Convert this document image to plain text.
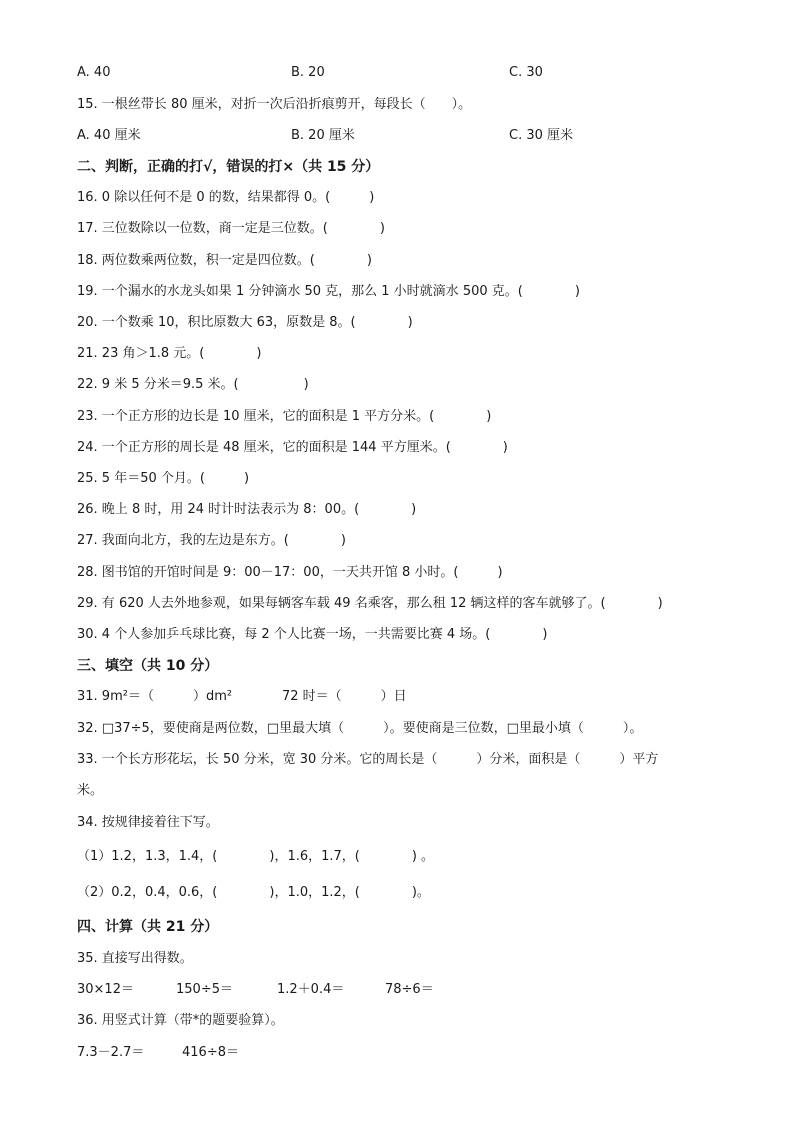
A. 40	B. 20	C. 30
15. 一根丝带长 80 厘米，对折一次后沿折痕剪开，每段长（　　）。
A. 40 厘米	B. 20 厘米	C. 30 厘米
二、判断，正确的打√，错误的打×（共 15 分）
16. 0 除以任何不是 0 的数，结果都得 0。(　　　)
17. 三位数除以一位数，商一定是三位数。(　　　　)
18. 两位数乘两位数，积一定是四位数。(　　　　)
19. 一个漏水的水龙头如果 1 分钟滴水 50 克，那么 1 小时就滴水 500 克。(　　　　)
20. 一个数乘 10，积比原数大 63，原数是 8。(　　　　)
21. 23 角＞1.8 元。(　　　　)
22. 9 米 5 分米＝9.5 米。(　　　　　)
23. 一个正方形的边长是 10 厘米，它的面积是 1 平方分米。(　　　　)
24. 一个正方形的周长是 48 厘米，它的面积是 144 平方厘米。(　　　　)
25. 5 年＝50 个月。(　　　)
26. 晚上 8 时，用 24 时计时法表示为 8：00。(　　　　)
27. 我面向北方，我的左边是东方。(　　　　)
28. 图书馆的开馆时间是 9：00－17：00，一天共开馆 8 小时。(　　　)
29. 有 620 人去外地参观，如果每辆客车载 49 名乘客，那么租 12 辆这样的客车就够了。(　　　　)
30. 4 个人参加乒乓球比赛，每 2 个人比赛一场，一共需要比赛 4 场。(　　　　)
三、填空（共 10 分）
31. 9m²＝（　　　）dm²	72 时＝（　　　）日
32. □37÷5，要使商是两位数，□里最大填（　　　）。要使商是三位数，□里最小填（　　　）。
33. 一个长方形花坛，长 50 分米，宽 30 分米。它的周长是（　　　）分米，面积是（　　　）平方
米。
34. 按规律接着往下写。
（1）1.2，1.3，1.4，(　　　　)，1.6，1.7，(　　　　) 。
（2）0.2，0.4，0.6，(　　　　)，1.0，1.2，(　　　　)。
四、计算（共 21 分）
35. 直接写出得数。
30×12＝	150÷5＝	1.2＋0.4＝	78÷6＝
36. 用竖式计算（带*的题要验算）。
7.3－2.7＝	416÷8＝
